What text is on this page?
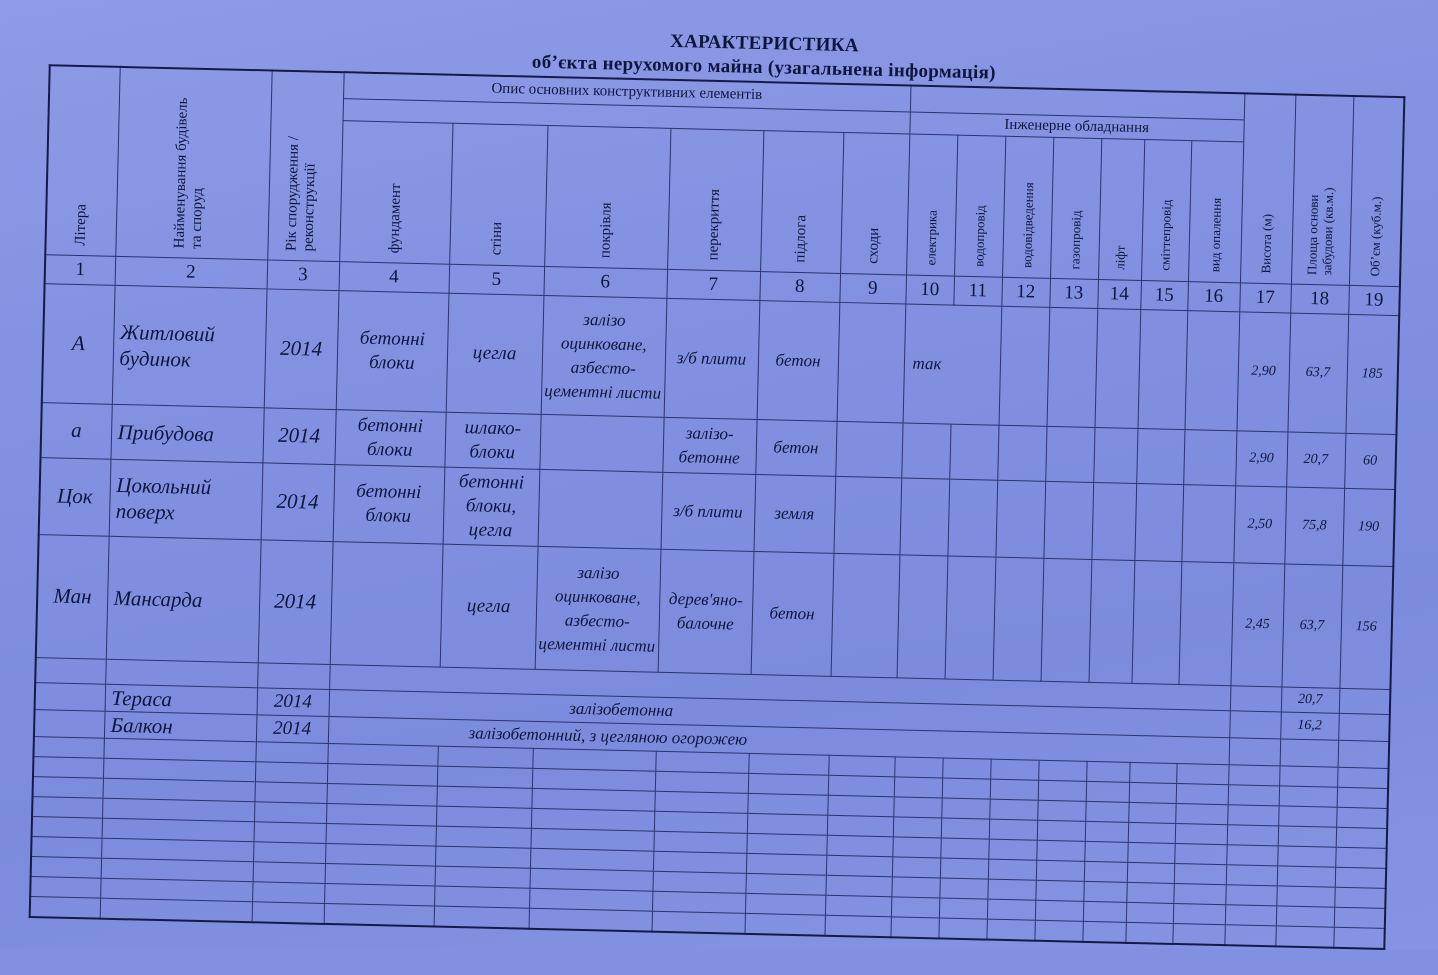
ХАРАКТЕРИСТИКА
об’єкта нерухомого майна (узагальнена інформація)
Літера	Найменування будівель та споруд	Рік спорудження / реконструкції	Опис основних конструктивних елементів													Висота (м)	Площа основи забудови (кв.м.)	Об’єм (куб.м.)
									Інженерне обладнання									
			фундамент	стіни	покрівля	перекриття	підлога	сходи	електрика	водопровід	водовідведення	газопровід	ліфт	сміттепровід	вид опалення			
1	2	3	4	5	6	7	8	9	10	11	12	13	14	15	16	17	18	19
А	Житловий будинок	2014	бетонні блоки	цегла	залізо оцинковане, азбесто-цементні листи	з/б плити	бетон		так							2,90	63,7	185
а	Прибудова	2014	бетонні блоки	шлако-блоки		залізо-бетонне	бетон									2,90	20,7	60
Цок	Цокольний поверх	2014	бетонні блоки	бетонні блоки, цегла		з/б плити	земля									2,50	75,8	190
Ман	Мансарда	2014		цегла	залізо оцинковане, азбесто-цементні листи	дерев'яно-балочне	бетон									2,45	63,7	156
																	20,7	
	Тераса	2014	залізобетонна														16,2	
	Балкон	2014	залізобетонний, з цегляною огорожею															
